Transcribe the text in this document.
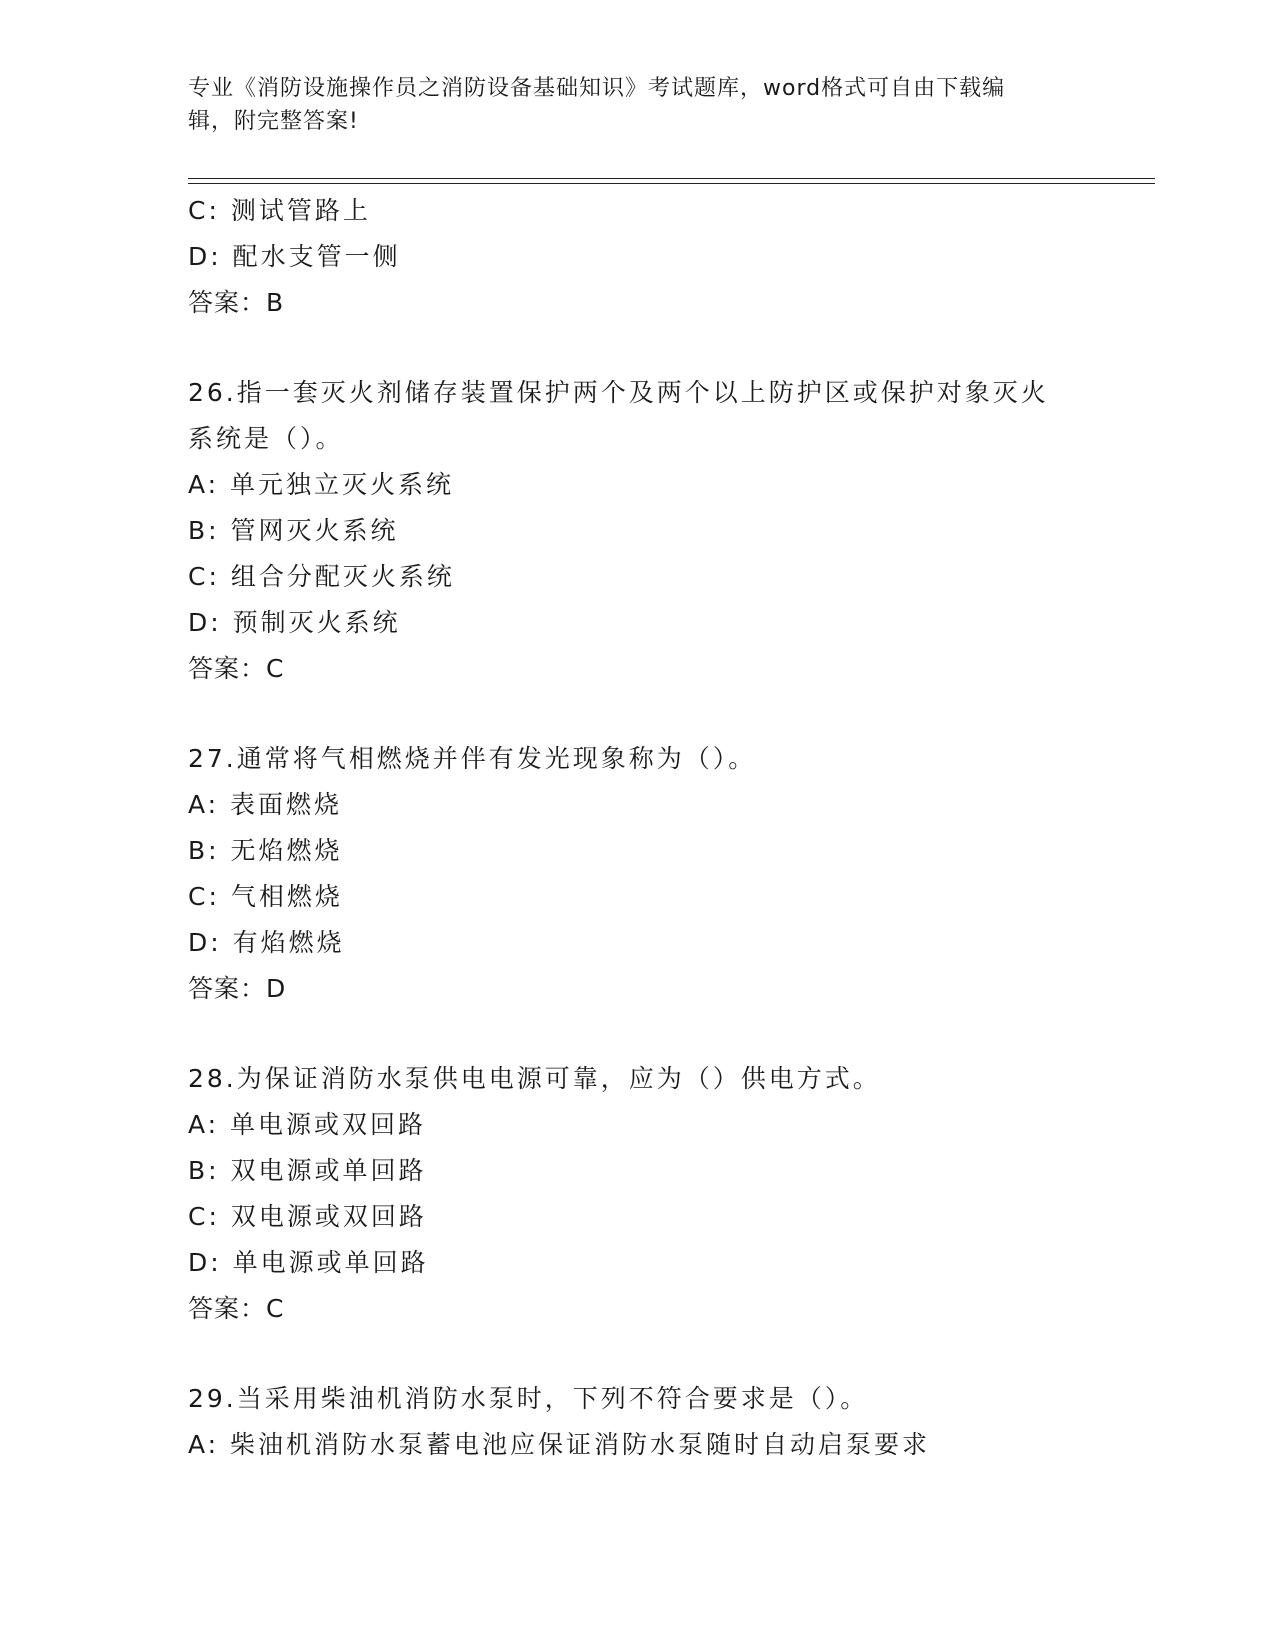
专业《消防设施操作员之消防设备基础知识》考试题库，word格式可自由下载编
辑，附完整答案!
C: 测试管路上
D: 配水支管一侧
答案：B
26.指一套灭火剂储存装置保护两个及两个以上防护区或保护对象灭火
系统是（）。
A: 单元独立灭火系统
B: 管网灭火系统
C: 组合分配灭火系统
D: 预制灭火系统
答案：C
27.通常将气相燃烧并伴有发光现象称为（）。
A: 表面燃烧
B: 无焰燃烧
C: 气相燃烧
D: 有焰燃烧
答案：D
28.为保证消防水泵供电电源可靠，应为（）供电方式。
A: 单电源或双回路
B: 双电源或单回路
C: 双电源或双回路
D: 单电源或单回路
答案：C
29.当采用柴油机消防水泵时，下列不符合要求是（）。
A: 柴油机消防水泵蓄电池应保证消防水泵随时自动启泵要求
